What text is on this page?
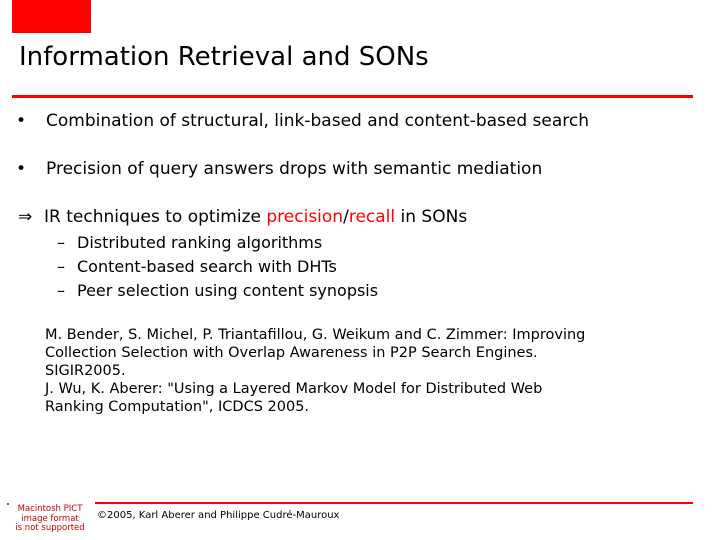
Information Retrieval and SONs
•	Combination of structural, link-based and content-based search
•	Precision of query answers drops with semantic mediation
⇒ IR techniques to optimize precision/recall in SONs
– Distributed ranking algorithms
– Content-based search with DHTs
– Peer selection using content synopsis
M. Bender, S. Michel, P. Triantafillou, G. Weikum and C. Zimmer: Improving
Collection Selection with Overlap Awareness in P2P Search Engines.
SIGIR2005.
J. Wu, K. Aberer: "Using a Layered Markov Model for Distributed Web
Ranking Computation", ICDCS 2005.
Macintosh PICT
image format
is not supported
©2005, Karl Aberer and Philippe Cudré-Mauroux
